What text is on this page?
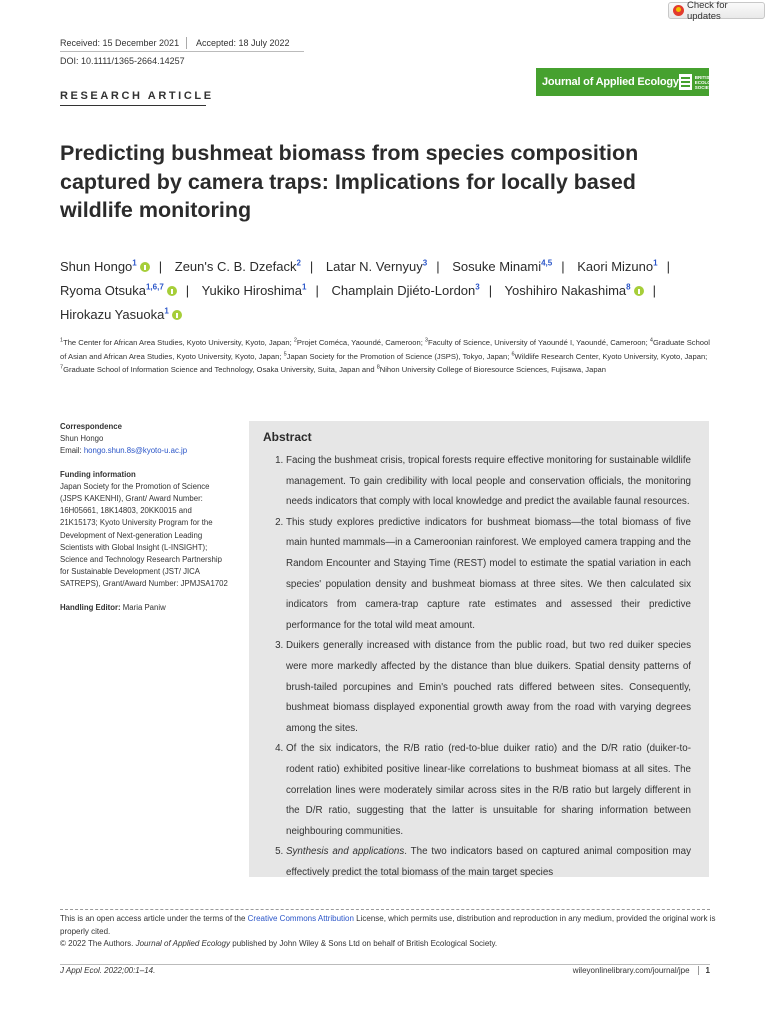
Check for updates
Received: 15 December 2021 Accepted: 18 July 2022
DOI: 10.1111/1365-2664.14257
Journal of Applied Ecology	BRITISH ECOLOGICAL SOCIETY
RESEARCH ARTICLE
Predicting bushmeat biomass from species composition captured by camera traps: Implications for locally based wildlife monitoring
Shun Hongo$^1$ | Zeun's C. B. Dzefack$^2$ | Latar N. Vernyuy$^3$ | Sosuke Minami$^{4,5}$ | Kaori Mizuno$^1$ | Ryoma Otsuka$^{1,6,7}$ | Yukiko Hiroshima$^1$ | Champlain Djiéto-Lordon$^3$ | Yoshihiro Nakashima$^8$ | Hirokazu Yasuoka$^1$
$^1$The Center for African Area Studies, Kyoto University, Kyoto, Japan; $^2$Projet Coméca, Yaoundé, Cameroon; $^3$Faculty of Science, University of Yaoundé I, Yaoundé, Cameroon; $^4$Graduate School of Asian and African Area Studies, Kyoto University, Kyoto, Japan; $^5$Japan Society for the Promotion of Science (JSPS), Tokyo, Japan; $^6$Wildlife Research Center, Kyoto University, Kyoto, Japan; $^7$Graduate School of Information Science and Technology, Osaka University, Suita, Japan and $^8$Nihon University College of Bioresource Sciences, Fujisawa, Japan
Correspondence
Shun Hongo
Email: hongo.shun.8s@kyoto-u.ac.jp
Funding information
Japan Society for the Promotion of Science (JSPS KAKENHI), Grant/ Award Number: 16H05661, 18K14803, 20KK0015 and 21K15173; Kyoto University Program for the Development of Next-generation Leading Scientists with Global Insight (L-INSIGHT); Science and Technology Research Partnership for Sustainable Development (JST/ JICA SATREPS), Grant/Award Number: JPMJSA1702
Handling Editor: Maria Paniw
Abstract
1. Facing the bushmeat crisis, tropical forests require effective monitoring for sustainable wildlife management. To gain credibility with local people and conservation officials, the monitoring needs indicators that comply with local knowledge and predict the available faunal resources.
2. This study explores predictive indicators for bushmeat biomass—the total biomass of five main hunted mammals—in a Cameroonian rainforest. We employed camera trapping and the Random Encounter and Staying Time (REST) model to estimate the spatial variation in each species' population density and bushmeat biomass at three sites. We then calculated six indicators from camera-trap capture rate estimates and assessed their predictive performance for the total wild meat amount.
3. Duikers generally increased with distance from the public road, but two red duiker species were more markedly affected by the distance than blue duikers. Spatial density patterns of brush-tailed porcupines and Emin's pouched rats differed between sites. Consequently, bushmeat biomass displayed exponential growth away from the road with varying degrees among the sites.
4. Of the six indicators, the R/B ratio (red-to-blue duiker ratio) and the D/R ratio (duiker-to-rodent ratio) exhibited positive linear-like correlations to bushmeat biomass at all sites. The correlation lines were moderately similar across sites in the R/B ratio but largely different in the D/R ratio, suggesting that the latter is unsuitable for sharing information between neighbouring communities.
5. Synthesis and applications. The two indicators based on captured animal composition may effectively predict the total biomass of the main target species
This is an open access article under the terms of the Creative Commons Attribution License, which permits use, distribution and reproduction in any medium, provided the original work is properly cited.
© 2022 The Authors. Journal of Applied Ecology published by John Wiley & Sons Ltd on behalf of British Ecological Society.
J Appl Ecol. 2022;00:1–14.	wileyonlinelibrary.com/journal/jpe	1
